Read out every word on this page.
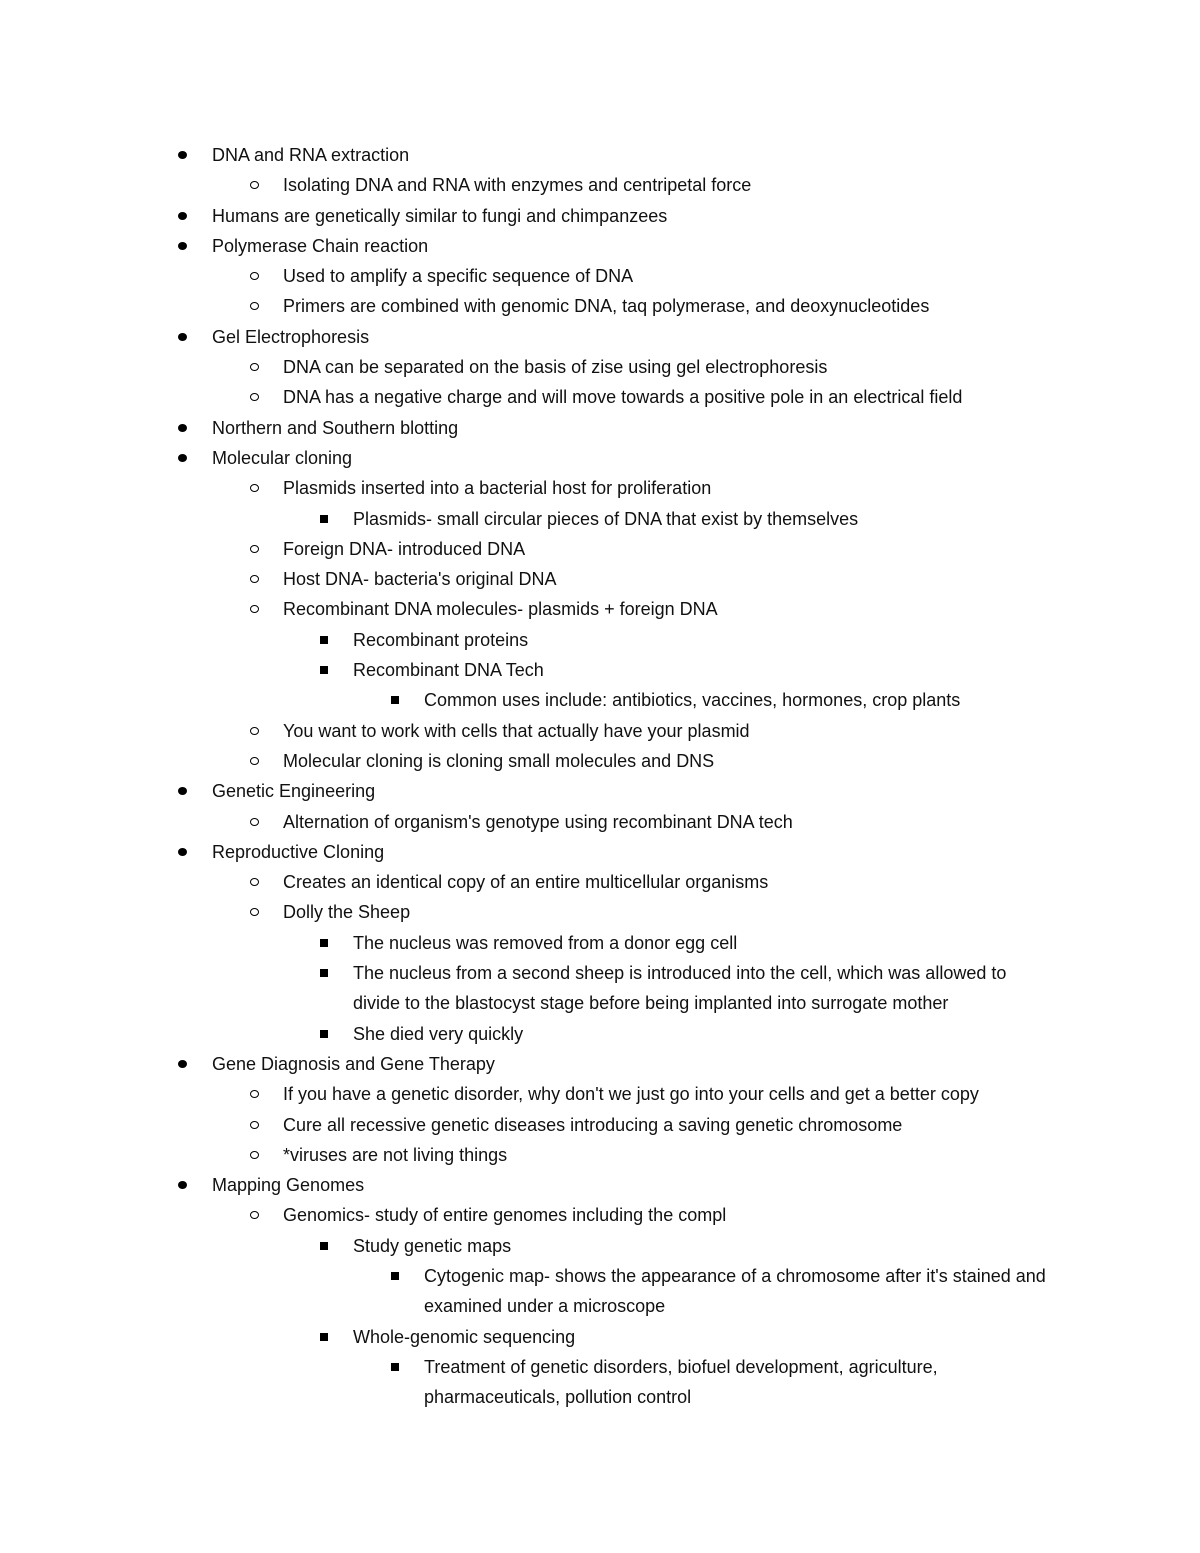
DNA and RNA extraction
Isolating DNA and RNA with enzymes and centripetal force
Humans are genetically similar to fungi and chimpanzees
Polymerase Chain reaction
Used to amplify a specific sequence of DNA
Primers are combined with genomic DNA, taq polymerase, and deoxynucleotides
Gel Electrophoresis
DNA can be separated on the basis of zise using gel electrophoresis
DNA has a negative charge and will move towards a positive pole in an electrical field
Northern and Southern blotting
Molecular cloning
Plasmids inserted into a bacterial host for proliferation
Plasmids- small circular pieces of DNA that exist by themselves
Foreign DNA- introduced DNA
Host DNA- bacteria's original DNA
Recombinant DNA molecules- plasmids + foreign DNA
Recombinant proteins
Recombinant DNA Tech
Common uses include: antibiotics, vaccines, hormones, crop plants
You want to work with cells that actually have your plasmid
Molecular cloning is cloning small molecules and DNS
Genetic Engineering
Alternation of organism's genotype using recombinant DNA tech
Reproductive Cloning
Creates an identical copy of an entire multicellular organisms
Dolly the Sheep
The nucleus was removed from a donor egg cell
The nucleus from a second sheep is introduced into the cell, which was allowed to divide to the blastocyst stage before being implanted into surrogate mother
She died very quickly
Gene Diagnosis and Gene Therapy
If you have a genetic disorder, why don't we just go into your cells and get a better copy
Cure all recessive genetic diseases introducing a saving genetic chromosome
*viruses are not living things
Mapping Genomes
Genomics- study of entire genomes including the compl
Study genetic maps
Cytogenic map- shows the appearance of a chromosome after it's stained and examined under a microscope
Whole-genomic sequencing
Treatment of genetic disorders, biofuel development, agriculture, pharmaceuticals, pollution control
